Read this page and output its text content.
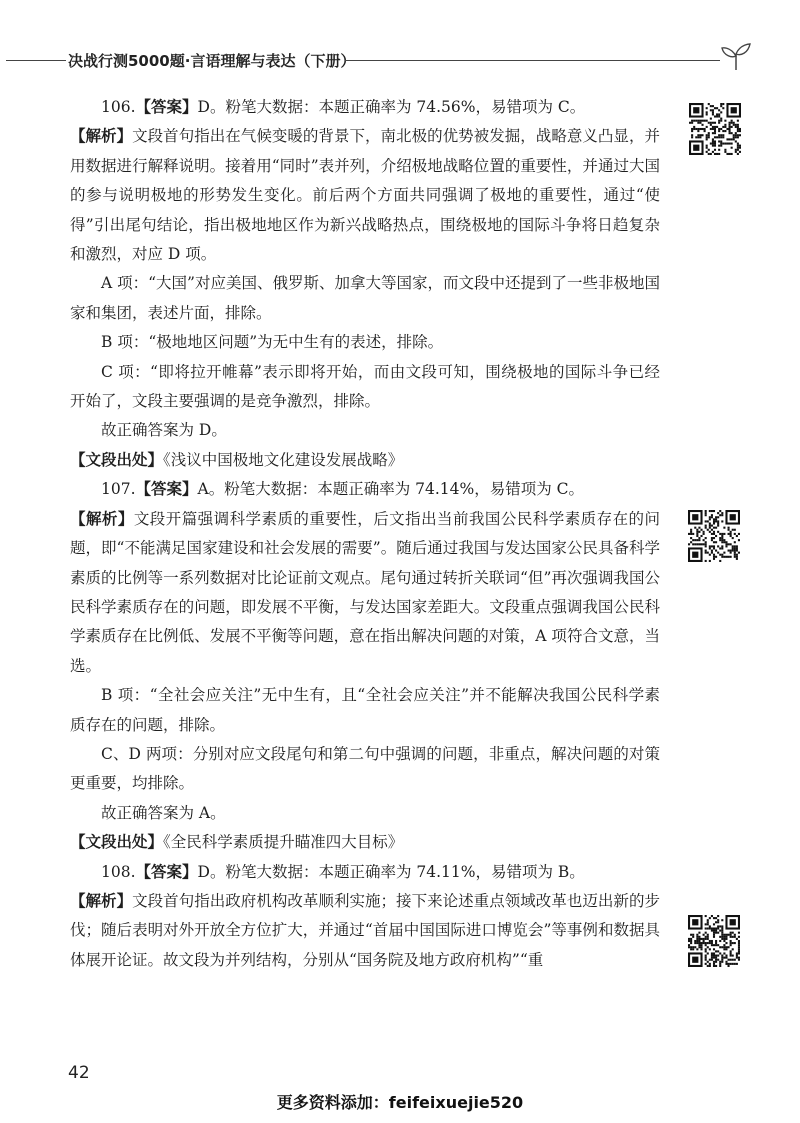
决战行测5000题·言语理解与表达（下册）

106.【答案】D。粉笔大数据：本题正确率为 74.56%，易错项为 C。

【解析】文段首句指出在气候变暖的背景下，南北极的优势被发掘，战略意义凸显，并用数据进行解释说明。接着用“同时”表并列，介绍极地战略位置的重要性，并通过大国的参与说明极地的形势发生变化。前后两个方面共同强调了极地的重要性，通过“使得”引出尾句结论，指出极地地区作为新兴战略热点，围绕极地的国际斗争将日趋复杂和激烈，对应 D 项。

A 项：“大国”对应美国、俄罗斯、加拿大等国家，而文段中还提到了一些非极地国家和集团，表述片面，排除。

B 项：“极地地区问题”为无中生有的表述，排除。

C 项：“即将拉开帷幕”表示即将开始，而由文段可知，围绕极地的国际斗争已经开始了，文段主要强调的是竞争激烈，排除。

故正确答案为 D。

【文段出处】《浅议中国极地文化建设发展战略》

107.【答案】A。粉笔大数据：本题正确率为 74.14%，易错项为 C。

【解析】文段开篇强调科学素质的重要性，后文指出当前我国公民科学素质存在的问题，即“不能满足国家建设和社会发展的需要”。随后通过我国与发达国家公民具备科学素质的比例等一系列数据对比论证前文观点。尾句通过转折关联词“但”再次强调我国公民科学素质存在的问题，即发展不平衡，与发达国家差距大。文段重点强调我国公民科学素质存在比例低、发展不平衡等问题，意在指出解决问题的对策，A 项符合文意，当选。

B 项：“全社会应关注”无中生有，且“全社会应关注”并不能解决我国公民科学素质存在的问题，排除。

C、D 两项：分别对应文段尾句和第二句中强调的问题，非重点，解决问题的对策更重要，均排除。

故正确答案为 A。

【文段出处】《全民科学素质提升瞄准四大目标》

108.【答案】D。粉笔大数据：本题正确率为 74.11%，易错项为 B。

【解析】文段首句指出政府机构改革顺利实施；接下来论述重点领域改革也迈出新的步伐；随后表明对外开放全方位扩大，并通过“首届中国国际进口博览会”等事例和数据具体展开论证。故文段为并列结构，分别从“国务院及地方政府机构”“重

42
更多资料添加：feifeixuejie520
